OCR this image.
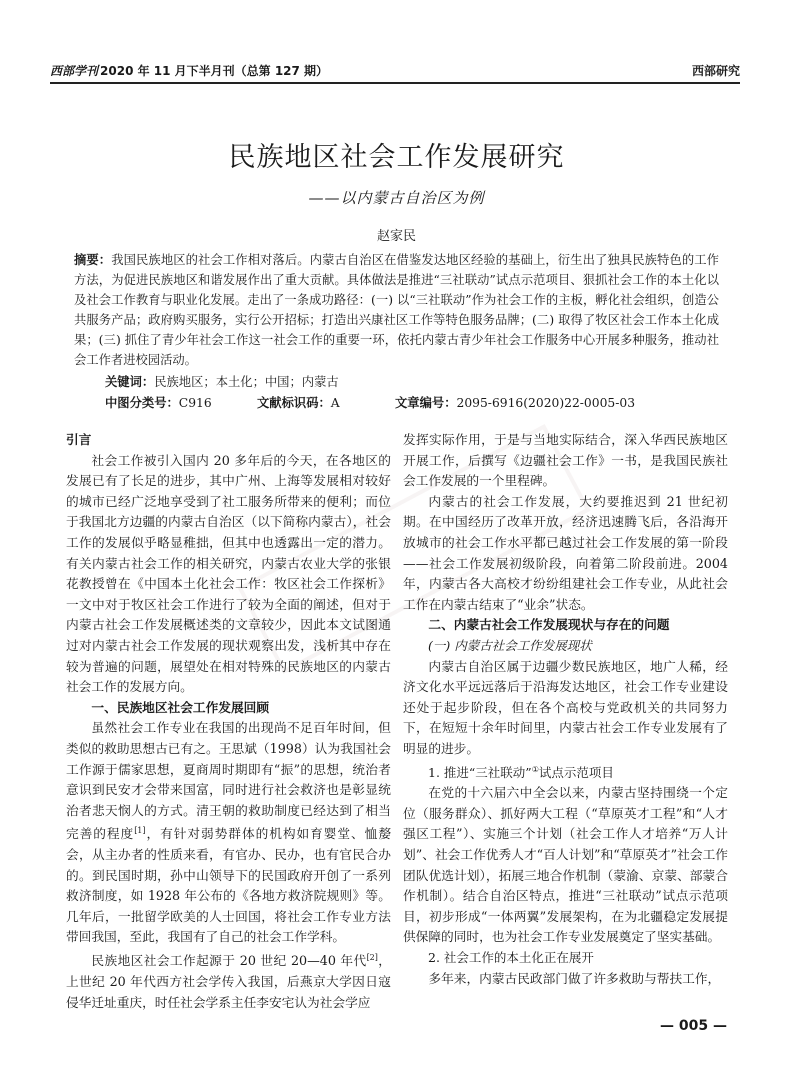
西部学刊 2020 年 11 月下半月刊（总第 127 期）	西部研究
民族地区社会工作发展研究
——以内蒙古自治区为例
赵家民
摘要：我国民族地区的社会工作相对落后。内蒙古自治区在借鉴发达地区经验的基础上，衍生出了独具民族特色的工作方法，为促进民族地区和谐发展作出了重大贡献。具体做法是推进“三社联动”试点示范项目、狠抓社会工作的本土化以及社会工作教育与职业化发展。走出了一条成功路径：(一) 以“三社联动”作为社会工作的主板，孵化社会组织，创造公共服务产品；政府购买服务，实行公开招标；打造出兴康社区工作等特色服务品牌；(二) 取得了牧区社会工作本土化成果；(三) 抓住了青少年社会工作这一社会工作的重要一环，依托内蒙古青少年社会工作服务中心开展多种服务，推动社会工作者进校园活动。
关键词：民族地区；本土化；中国；内蒙古
中图分类号：C916	文献标识码：A	文章编号：2095-6916(2020)22-0005-03
引言

社会工作被引入国内 20 多年后的今天，在各地区的发展已有了长足的进步，其中广州、上海等发展相对较好的城市已经广泛地享受到了社工服务所带来的便利；而位于我国北方边疆的内蒙古自治区（以下简称内蒙古），社会工作的发展似乎略显稚拙，但其中也透露出一定的潜力。有关内蒙古社会工作的相关研究，内蒙古农业大学的张银花教授曾在《中国本土化社会工作：牧区社会工作探析》一文中对于牧区社会工作进行了较为全面的阐述，但对于内蒙古社会工作发展概述类的文章较少，因此本文试图通过对内蒙古社会工作发展的现状观察出发，浅析其中存在较为普遍的问题，展望处在相对特殊的民族地区的内蒙古社会工作的发展方向。

一、民族地区社会工作发展回顾

虽然社会工作专业在我国的出现尚不足百年时间，但类似的救助思想古已有之。王思斌（1998）认为我国社会工作源于儒家思想，夏商周时期即有“振”的思想，统治者意识到民安才会带来国富，同时进行社会救济也是彰显统治者悲天悯人的方式。清王朝的救助制度已经达到了相当完善的程度[1]，有针对弱势群体的机构如育婴堂、恤嫠会，从主办者的性质来看，有官办、民办，也有官民合办的。到民国时期，孙中山领导下的民国政府开创了一系列救济制度，如 1928 年公布的《各地方救济院规则》等。几年后，一批留学欧美的人士回国，将社会工作专业方法带回我国，至此，我国有了自己的社会工作学科。

民族地区社会工作起源于 20 世纪 20—40 年代[2]，上世纪 20 年代西方社会学传入我国，后燕京大学因日寇侵华迁址重庆，时任社会学系主任李安宅认为社会学应

发挥实际作用，于是与当地实际结合，深入华西民族地区开展工作，后撰写《边疆社会工作》一书，是我国民族社会工作发展的一个里程碑。

内蒙古的社会工作发展，大约要推迟到 21 世纪初期。在中国经历了改革开放，经济迅速腾飞后，各沿海开放城市的社会工作水平都已越过社会工作发展的第一阶段——社会工作发展初级阶段，向着第二阶段前进。2004 年，内蒙古各大高校才纷纷组建社会工作专业，从此社会工作在内蒙古结束了“业余”状态。

二、内蒙古社会工作发展现状与存在的问题
(一) 内蒙古社会工作发展现状

内蒙古自治区属于边疆少数民族地区，地广人稀，经济文化水平远远落后于沿海发达地区，社会工作专业建设还处于起步阶段，但在各个高校与党政机关的共同努力下，在短短十余年时间里，内蒙古社会工作专业发展有了明显的进步。

1. 推进“三社联动”①试点示范项目

在党的十六届六中全会以来，内蒙古坚持围绕一个定位（服务群众）、抓好两大工程（“草原英才工程”和“人才强区工程”）、实施三个计划（社会工作人才培养“万人计划”、社会工作优秀人才“百人计划”和“草原英才”社会工作团队优选计划），拓展三地合作机制（蒙渝、京蒙、部蒙合作机制）。结合自治区特点，推进“三社联动”试点示范项目，初步形成“一体两翼”发展架构，在为北疆稳定发展提供保障的同时，也为社会工作专业发展奠定了坚实基础。

2. 社会工作的本土化正在展开

多年来，内蒙古民政部门做了许多救助与帮扶工作，

— 005 —
